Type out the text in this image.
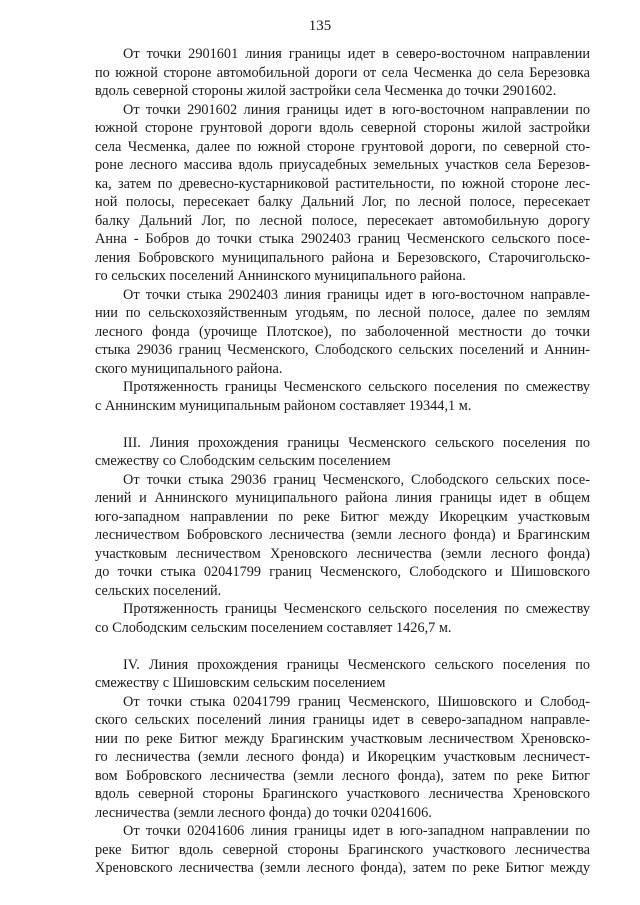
135
От точки 2901601 линия границы идет в северо-восточном направлении
по южной стороне автомобильной дороги от села Чесменка до села Березовка
вдоль северной стороны жилой застройки села Чесменка до точки 2901602.
От точки 2901602 линия границы идет в юго-восточном направлении по
южной стороне грунтовой дороги вдоль северной стороны жилой застройки
села Чесменка, далее по южной стороне грунтовой дороги, по северной сто-
роне лесного массива вдоль приусадебных земельных участков села Березов-
ка, затем по древесно-кустарниковой растительности, по южной стороне лес-
ной полосы, пересекает балку Дальний Лог, по лесной полосе, пересекает
балку Дальний Лог, по лесной полосе, пересекает автомобильную дорогу
Анна - Бобров до точки стыка 2902403 границ Чесменского сельского посе-
ления Бобровского муниципального района и Березовского, Старочигольско-
го сельских поселений Аннинского муниципального района.
От точки стыка 2902403 линия границы идет в юго-восточном направле-
нии по сельскохозяйственным угодьям, по лесной полосе, далее по землям
лесного фонда (урочище Плотское), по заболоченной местности до точки
стыка 29036 границ Чесменского, Слободского сельских поселений и Аннин-
ского муниципального района.
Протяженность границы Чесменского сельского поселения по смежеству
с Аннинским муниципальным районом составляет 19344,1 м.
III. Линия прохождения границы Чесменского сельского поселения по
смежеству со Слободским сельским поселением
От точки стыка 29036 границ Чесменского, Слободского сельских посе-
лений и Аннинского муниципального района линия границы идет в общем
юго-западном направлении по реке Битюг между Икорецким участковым
лесничеством Бобровского лесничества (земли лесного фонда) и Брагинским
участковым лесничеством Хреновского лесничества (земли лесного фонда)
до точки стыка 02041799 границ Чесменского, Слободского и Шишовского
сельских поселений.
Протяженность границы Чесменского сельского поселения по смежеству
со Слободским сельским поселением составляет 1426,7 м.
IV. Линия прохождения границы Чесменского сельского поселения по
смежеству с Шишовским сельским поселением
От точки стыка 02041799 границ Чесменского, Шишовского и Слобод-
ского сельских поселений линия границы идет в северо-западном направле-
нии по реке Битюг между Брагинским участковым лесничеством Хреновско-
го лесничества (земли лесного фонда) и Икорецким участковым лесничест-
вом Бобровского лесничества (земли лесного фонда), затем по реке Битюг
вдоль северной стороны Брагинского участкового лесничества Хреновского
лесничества (земли лесного фонда) до точки 02041606.
От точки 02041606 линия границы идет в юго-западном направлении по
реке Битюг вдоль северной стороны Брагинского участкового лесничества
Хреновского лесничества (земли лесного фонда), затем по реке Битюг между
